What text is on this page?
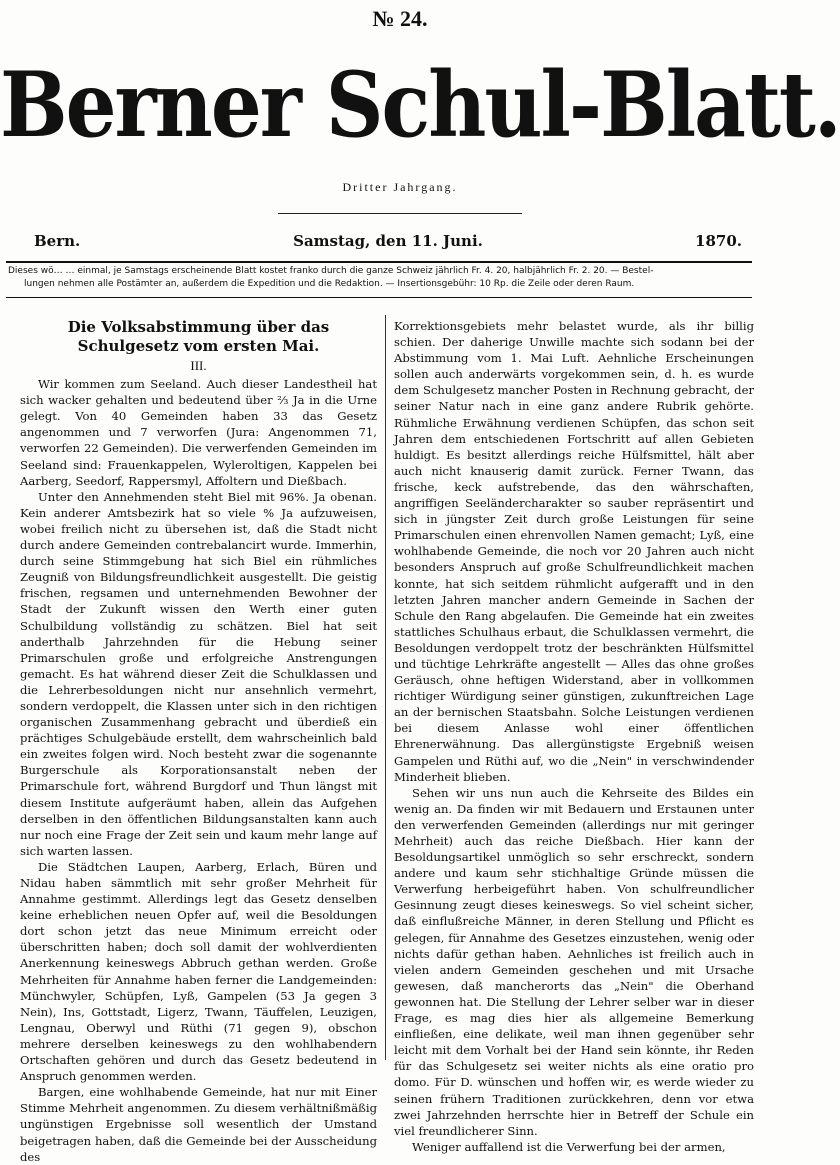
№ 24.
Berner Schul-Blatt.
Dritter Jahrgang.
Bern.	Samstag, den 11. Juni.	1870.

Dieses wö… … einmal, je Samstags erscheinende Blatt kostet franko durch die ganze Schweiz jährlich Fr. 4. 20, halbjährlich Fr. 2. 20. — Bestel-

lungen nehmen alle Postämter an, außerdem die Expedition und die Redaktion. — Insertionsgebühr: 10 Rp. die Zeile oder deren Raum.

Die Volksabstimmung über das Schulgesetz vom ersten Mai.
III.

Wir kommen zum Seeland. Auch dieser Landestheil hat sich wacker gehalten und bedeutend über ⅔ Ja in die Urne gelegt. Von 40 Gemeinden haben 33 das Gesetz angenommen und 7 verworfen (Jura: Angenommen 71, verworfen 22 Gemeinden). Die verwerfenden Gemeinden im Seeland sind: Frauenkappelen, Wyleroltigen, Kappelen bei Aarberg, Seedorf, Rappersmyl, Affoltern und Dießbach.

Unter den Annehmenden steht Biel mit 96%. Ja obenan. Kein anderer Amtsbezirk hat so viele % Ja aufzuweisen, wobei freilich nicht zu übersehen ist, daß die Stadt nicht durch andere Gemeinden contrebalancirt wurde. Immerhin, durch seine Stimmgebung hat sich Biel ein rühmliches Zeugniß von Bildungsfreundlichkeit ausgestellt. Die geistig frischen, regsamen und unternehmenden Bewohner der Stadt der Zukunft wissen den Werth einer guten Schulbildung vollständig zu schätzen. Biel hat seit anderthalb Jahrzehnden für die Hebung seiner Primarschulen große und erfolgreiche Anstrengungen gemacht. Es hat während dieser Zeit die Schulklassen und die Lehrerbesoldungen nicht nur ansehnlich vermehrt, sondern verdoppelt, die Klassen unter sich in den richtigen organischen Zusammenhang gebracht und überdieß ein prächtiges Schulgebäude erstellt, dem wahrscheinlich bald ein zweites folgen wird. Noch besteht zwar die sogenannte Burgerschule als Korporationsanstalt neben der Primarschule fort, während Burgdorf und Thun längst mit diesem Institute aufgeräumt haben, allein das Aufgehen derselben in den öffentlichen Bildungsanstalten kann auch nur noch eine Frage der Zeit sein und kaum mehr lange auf sich warten lassen.

Die Städtchen Laupen, Aarberg, Erlach, Büren und Nidau haben sämmtlich mit sehr großer Mehrheit für Annahme gestimmt. Allerdings legt das Gesetz denselben keine erheblichen neuen Opfer auf, weil die Besoldungen dort schon jetzt das neue Minimum erreicht oder überschritten haben; doch soll damit der wohlverdienten Anerkennung keineswegs Abbruch gethan werden. Große Mehrheiten für Annahme haben ferner die Landgemeinden: Münchwyler, Schüpfen, Lyß, Gampelen (53 Ja gegen 3 Nein), Ins, Gottstadt, Ligerz, Twann, Täuffelen, Leuzigen, Lengnau, Oberwyl und Rüthi (71 gegen 9), obschon mehrere derselben keineswegs zu den wohlhabendern Ortschaften gehören und durch das Gesetz bedeutend in Anspruch genommen werden.

Bargen, eine wohlhabende Gemeinde, hat nur mit Einer Stimme Mehrheit angenommen. Zu diesem verhältnißmäßig ungünstigen Ergebnisse soll wesentlich der Umstand beigetragen haben, daß die Gemeinde bei der Ausscheidung des

Korrektionsgebiets mehr belastet wurde, als ihr billig schien. Der daherige Unwille machte sich sodann bei der Abstimmung vom 1. Mai Luft. Aehnliche Erscheinungen sollen auch anderwärts vorgekommen sein, d. h. es wurde dem Schulgesetz mancher Posten in Rechnung gebracht, der seiner Natur nach in eine ganz andere Rubrik gehörte. Rühmliche Erwähnung verdienen Schüpfen, das schon seit Jahren dem entschiedenen Fortschritt auf allen Gebieten huldigt. Es besitzt allerdings reiche Hülfsmittel, hält aber auch nicht knauserig damit zurück. Ferner Twann, das frische, keck aufstrebende, das den währschaften, angriffigen Seeländercharakter so sauber repräsentirt und sich in jüngster Zeit durch große Leistungen für seine Primarschulen einen ehrenvollen Namen gemacht; Lyß, eine wohlhabende Gemeinde, die noch vor 20 Jahren auch nicht besonders Anspruch auf große Schulfreundlichkeit machen konnte, hat sich seitdem rühmlicht aufgerafft und in den letzten Jahren mancher andern Gemeinde in Sachen der Schule den Rang abgelaufen. Die Gemeinde hat ein zweites stattliches Schulhaus erbaut, die Schulklassen vermehrt, die Besoldungen verdoppelt trotz der beschränkten Hülfsmittel und tüchtige Lehrkräfte angestellt — Alles das ohne großes Geräusch, ohne heftigen Widerstand, aber in vollkommen richtiger Würdigung seiner günstigen, zukunftreichen Lage an der bernischen Staatsbahn. Solche Leistungen verdienen bei diesem Anlasse wohl einer öffentlichen Ehrenerwähnung. Das allergünstigste Ergebniß weisen Gampelen und Rüthi auf, wo die „Nein" in verschwindender Minderheit blieben.

Sehen wir uns nun auch die Kehrseite des Bildes ein wenig an. Da finden wir mit Bedauern und Erstaunen unter den verwerfenden Gemeinden (allerdings nur mit geringer Mehrheit) auch das reiche Dießbach. Hier kann der Besoldungsartikel unmöglich so sehr erschreckt, sondern andere und kaum sehr stichhaltige Gründe müssen die Verwerfung herbeigeführt haben. Von schulfreundlicher Gesinnung zeugt dieses keineswegs. So viel scheint sicher, daß einflußreiche Männer, in deren Stellung und Pflicht es gelegen, für Annahme des Gesetzes einzustehen, wenig oder nichts dafür gethan haben. Aehnliches ist freilich auch in vielen andern Gemeinden geschehen und mit Ursache gewesen, daß mancherorts das „Nein" die Oberhand gewonnen hat. Die Stellung der Lehrer selber war in dieser Frage, es mag dies hier als allgemeine Bemerkung einfließen, eine delikate, weil man ihnen gegenüber sehr leicht mit dem Vorhalt bei der Hand sein könnte, ihr Reden für das Schulgesetz sei weiter nichts als eine oratio pro domo. Für D. wünschen und hoffen wir, es werde wieder zu seinen frühern Traditionen zurückkehren, denn vor etwa zwei Jahrzehnden herrschte hier in Betreff der Schule ein viel freundlicherer Sinn.

Weniger auffallend ist die Verwerfung bei der armen,
